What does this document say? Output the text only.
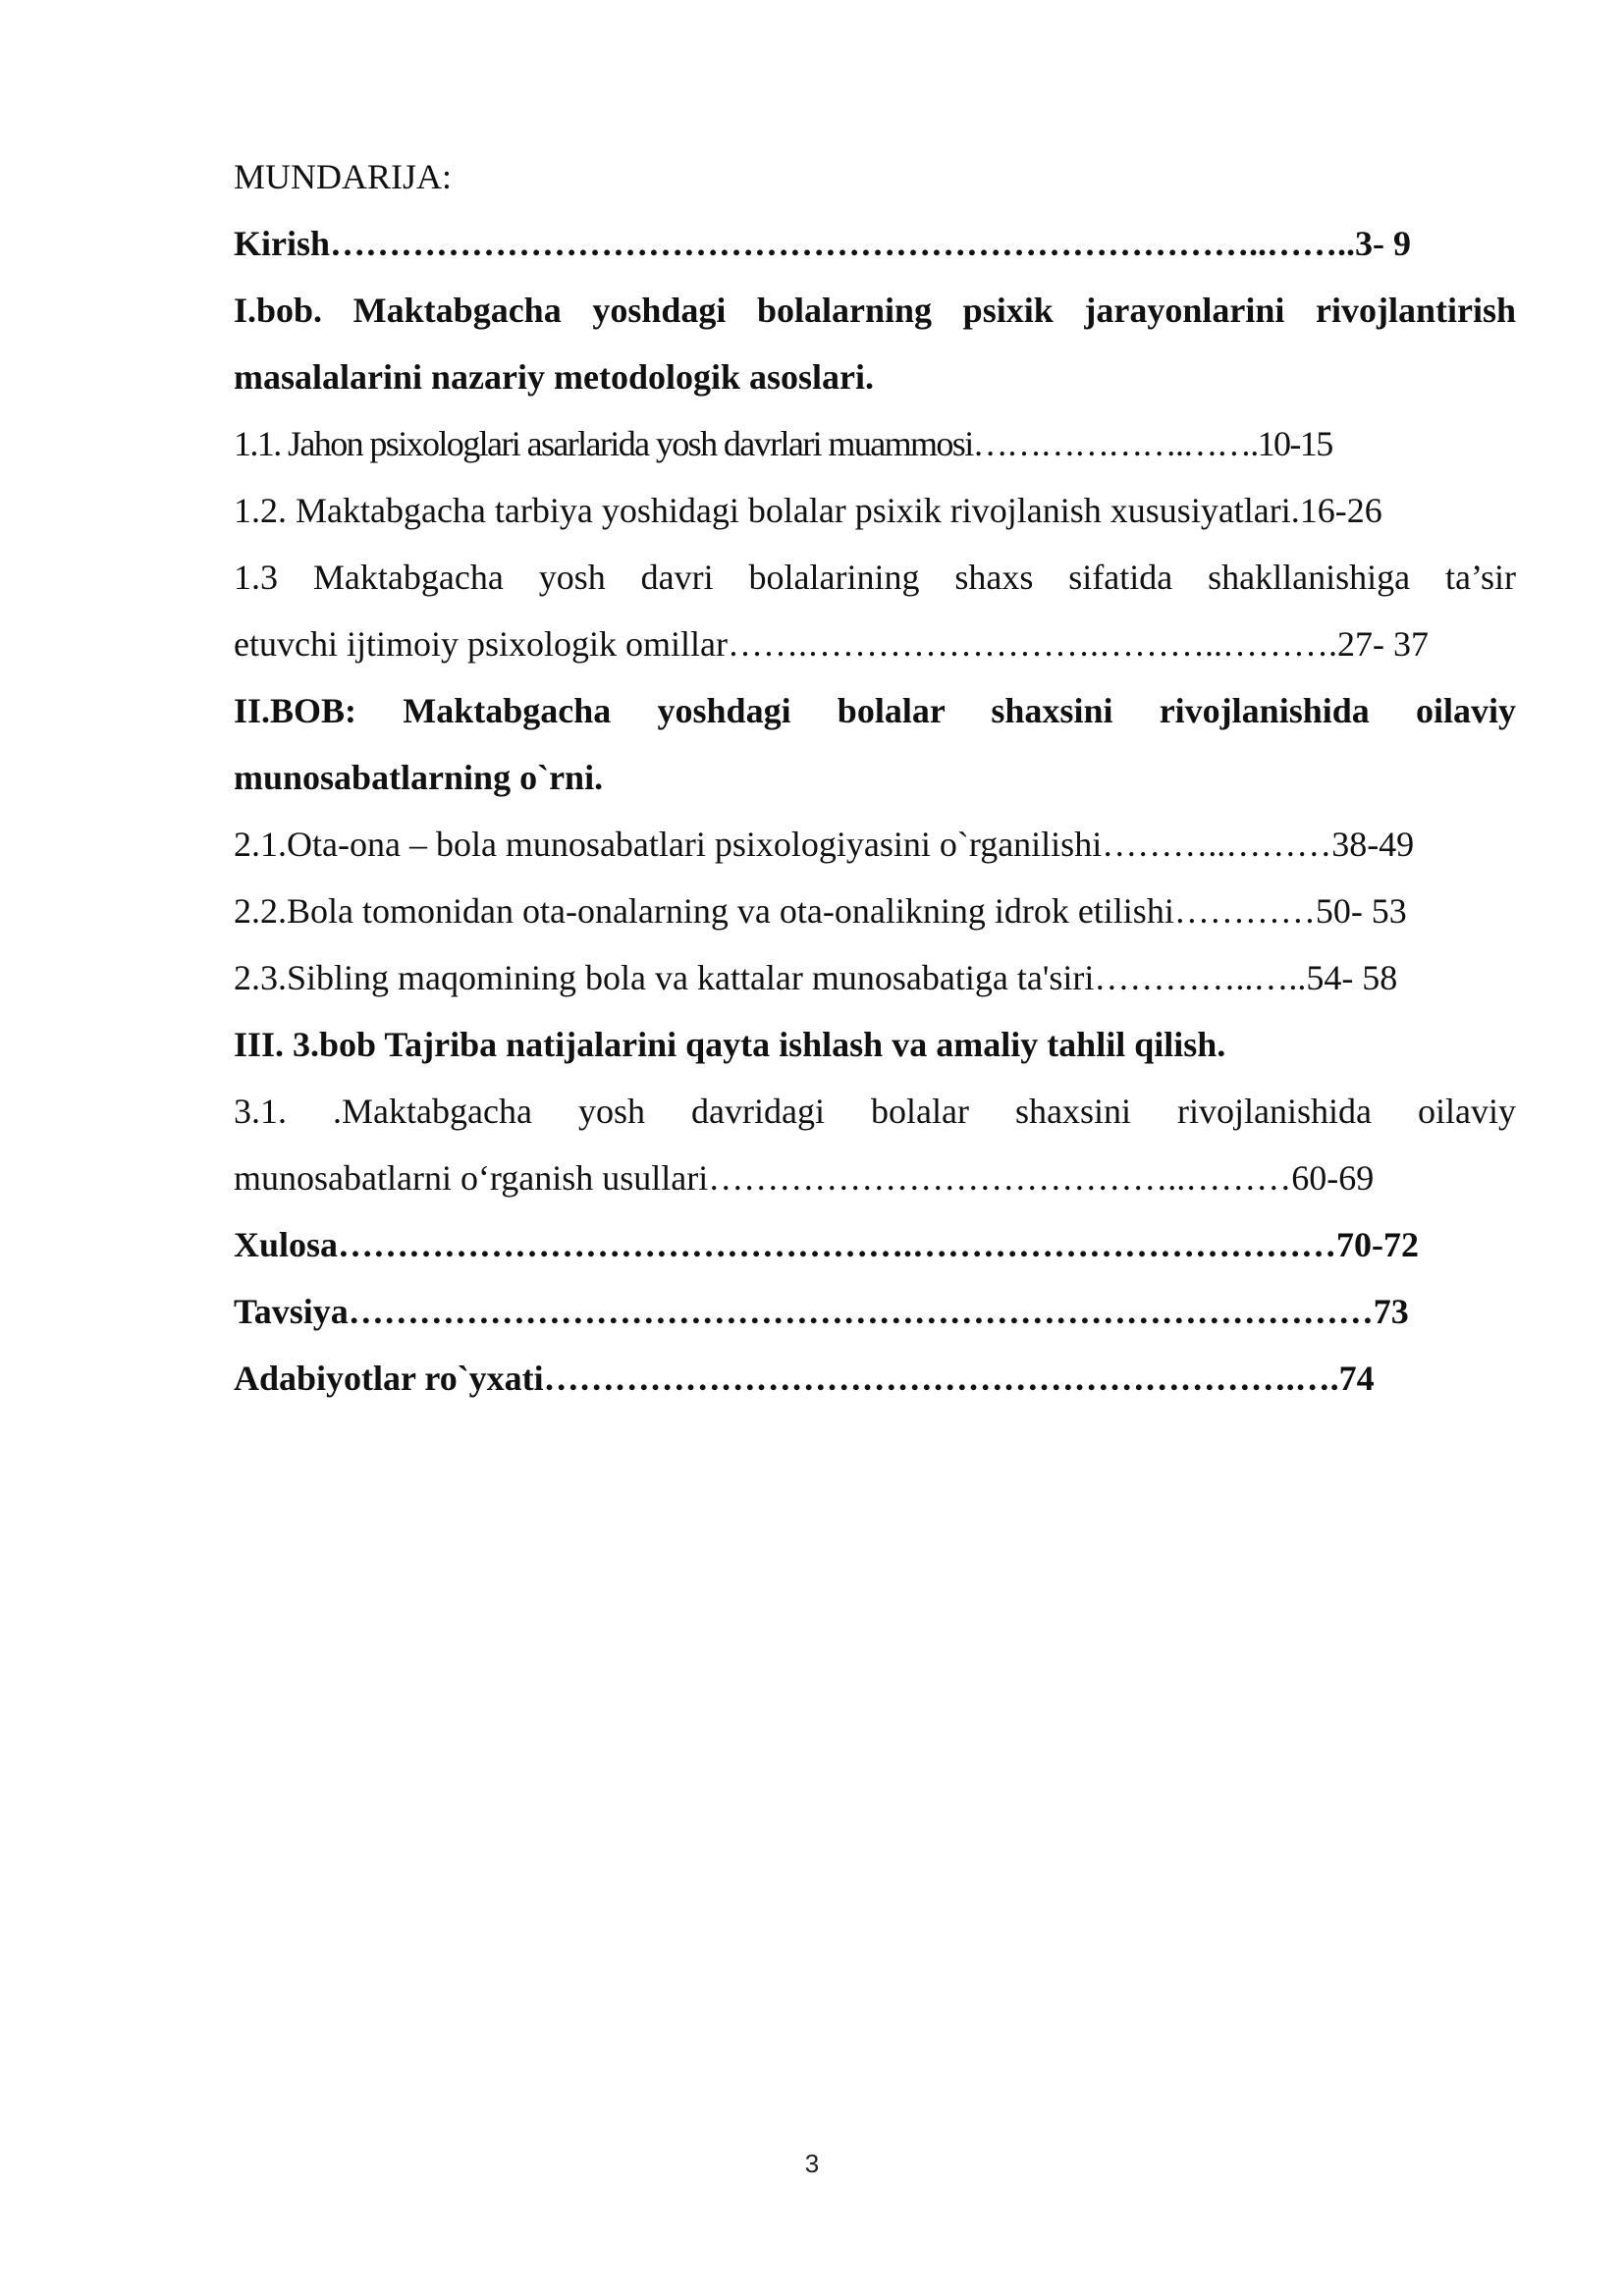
MUNDARIJA:
Kirish……………………………………………………………………..……..3- 9
I.bob. Maktabgacha yoshdagi bolalarning psixik jarayonlarini rivojlantirish
masalalarini nazariy metodologik asoslari.
1.1. Jahon psixologlari asarlarida yosh davrlari muammosi……………….…….10-15
1.2. Maktabgacha tarbiya yoshidagi bolalar psixik rivojlanish xususiyatlari.16-26
1.3 Maktabgacha yosh davri bolalarining shaxs sifatida shakllanishiga ta’sir
etuvchi ijtimoiy psixologik omillar…….…………………….………..……….27- 37
II.BOB: Maktabgacha yoshdagi bolalar shaxsini rivojlanishida oilaviy
munosabatlarning o`rni.
2.1.Ota-ona – bola munosabatlari psixologiyasini o`rganilishi………..………38-49
2.2.Bola tomonidan ota-onalarning va ota-onalikning idrok etilishi…………50- 53
2.3.Sibling maqomining bola va kattalar munosabatiga ta'siri…………..…..54- 58
III. 3.bob Tajriba natijalarini qayta ishlash va amaliy tahlil qilish.
3.1. .Maktabgacha yosh davridagi bolalar shaxsini rivojlanishida oilaviy
munosabatlarni o‘rganish usullari…………………………………..………60-69
Xulosa………………………………………….………………………………70-72
Tavsiya……………………………………………………………………………73
Adabiyotlar ro`yxati……………………………………………………….….74
3
